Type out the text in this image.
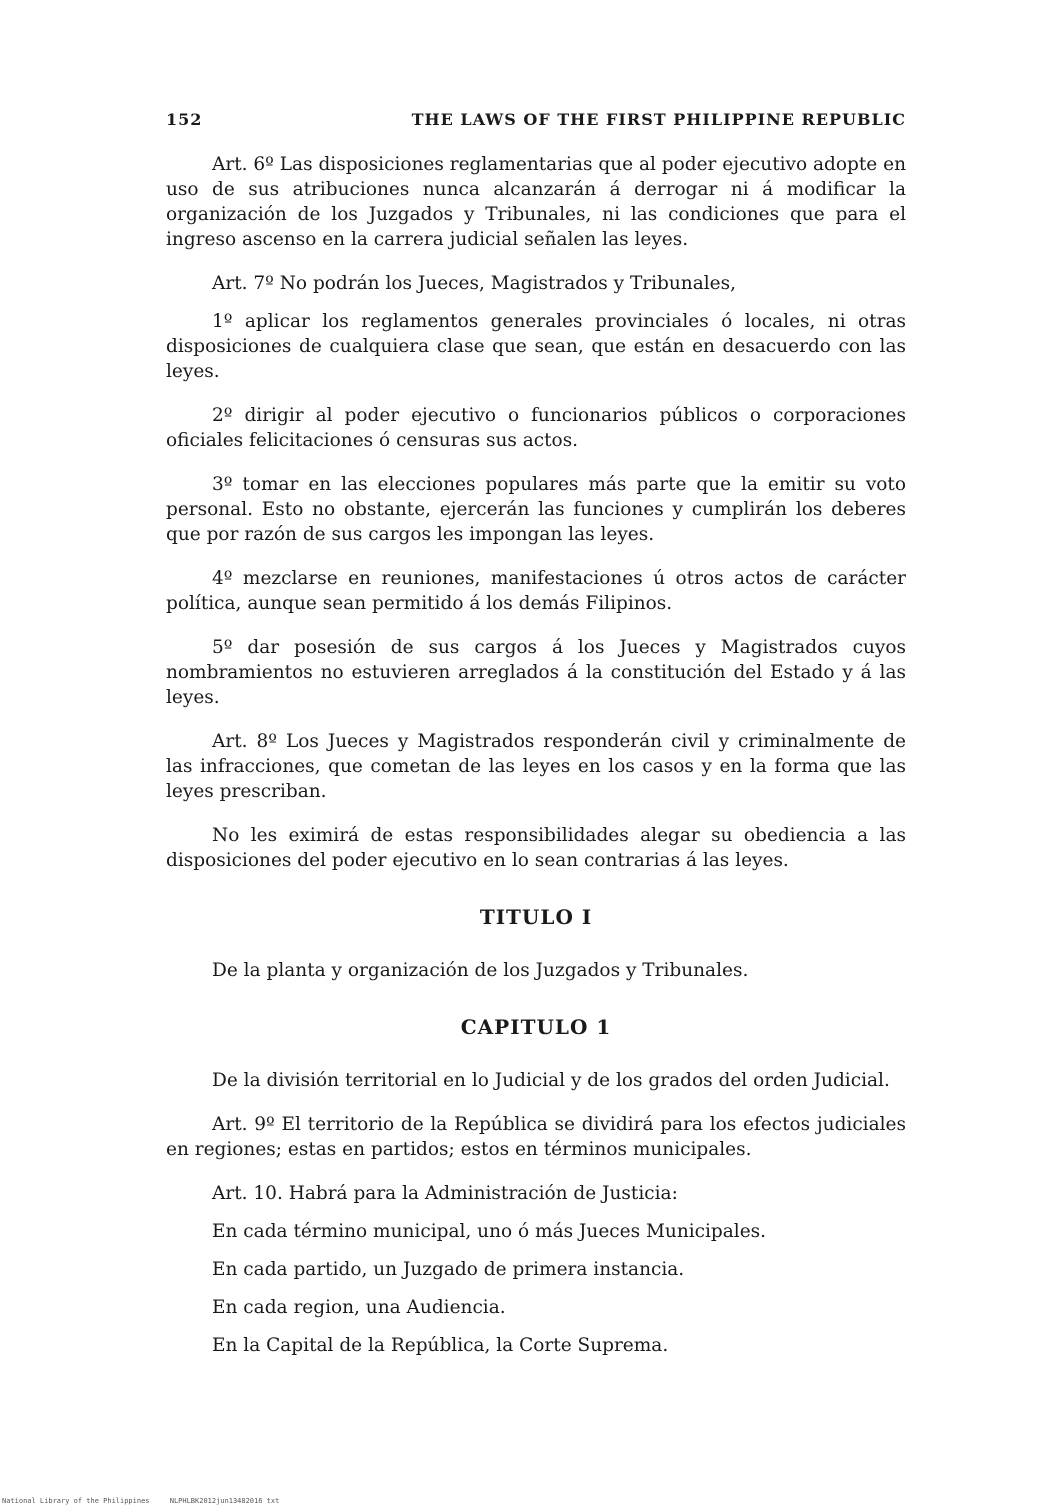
152	THE LAWS OF THE FIRST PHILIPPINE REPUBLIC

Art. 6º Las disposiciones reglamentarias que al poder ejecutivo adopte en uso de sus atribuciones nunca alcanzarán á derrogar ni á modificar la organización de los Juzgados y Tribunales, ni las condiciones que para el ingreso ascenso en la carrera judicial señalen las leyes.

Art. 7º No podrán los Jueces, Magistrados y Tribunales,

1º aplicar los reglamentos generales provinciales ó locales, ni otras disposiciones de cualquiera clase que sean, que están en desacuerdo con las leyes.

2º dirigir al poder ejecutivo o funcionarios públicos o corporaciones oficiales felicitaciones ó censuras sus actos.

3º tomar en las elecciones populares más parte que la emitir su voto personal. Esto no obstante, ejercerán las funciones y cumplirán los deberes que por razón de sus cargos les impongan las leyes.

4º mezclarse en reuniones, manifestaciones ú otros actos de carácter política, aunque sean permitido á los demás Filipinos.

5º dar posesión de sus cargos á los Jueces y Magistrados cuyos nombramientos no estuvieren arreglados á la constitución del Estado y á las leyes.

Art. 8º Los Jueces y Magistrados responderán civil y criminalmente de las infracciones, que cometan de las leyes en los casos y en la forma que las leyes prescriban.

No les eximirá de estas responsibilidades alegar su obediencia a las disposiciones del poder ejecutivo en lo sean contrarias á las leyes.

TITULO I

De la planta y organización de los Juzgados y Tribunales.

CAPITULO 1

De la división territorial en lo Judicial y de los grados del orden Judicial.

Art. 9º El territorio de la República se dividirá para los efectos judiciales en regiones; estas en partidos; estos en términos municipales.

Art. 10. Habrá para la Administración de Justicia:

En cada término municipal, uno ó más Jueces Municipales.

En cada partido, un Juzgado de primera instancia.

En cada region, una Audiencia.

En la Capital de la República, la Corte Suprema.

National Library of the Philippines	NLPHLBK2012jun13482016 txt
